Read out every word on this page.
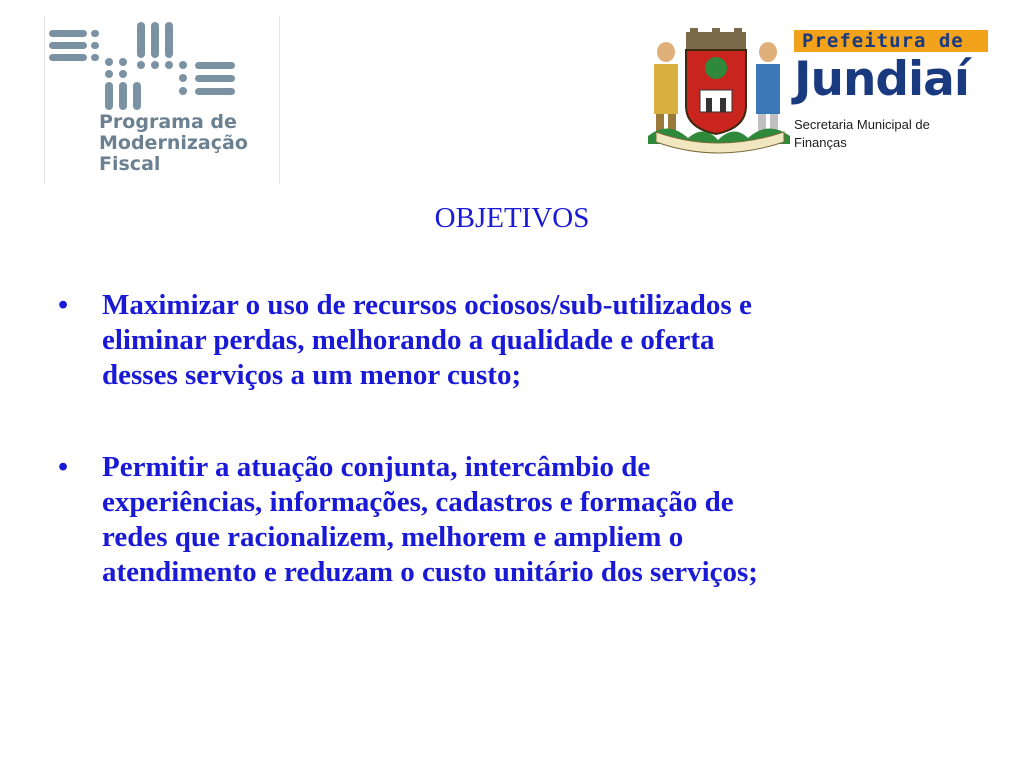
Programa de
Modernização
Fiscal
Prefeitura de
Jundiaí
Secretaria Municipal de
Finanças
OBJETIVOS
• Maximizar o uso de recursos ociosos/sub-utilizados e
eliminar perdas, melhorando a qualidade e oferta
desses serviços a um menor custo;
• Permitir a atuação conjunta, intercâmbio de
experiências, informações, cadastros e formação de
redes que racionalizem, melhorem e ampliem o
atendimento e reduzam o custo unitário dos serviços;
